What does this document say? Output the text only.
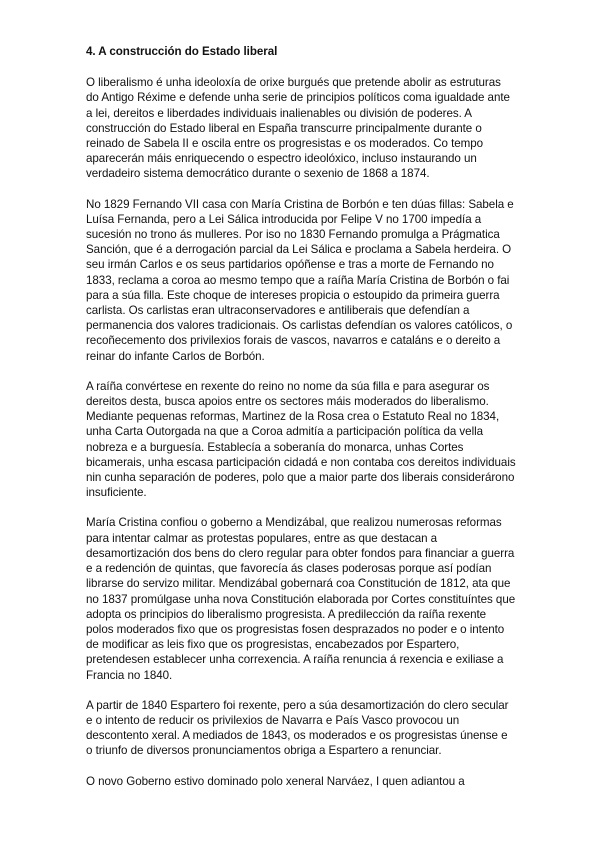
4. A construcción do Estado liberal

O liberalismo é unha ideoloxía de orixe burgués que pretende abolir as estruturas do Antigo Réxime e defende unha serie de principios políticos coma igualdade ante a lei, dereitos e liberdades individuais inalienables ou división de poderes. A construcción do Estado liberal en España transcurre principalmente durante o reinado de Sabela II e oscila entre os progresistas e os moderados. Co tempo aparecerán máis enriquecendo o espectro ideolóxico, incluso instaurando un verdadeiro sistema democrático durante o sexenio de 1868 a 1874.

No 1829 Fernando VII casa con María Cristina de Borbón e ten dúas fillas: Sabela e Luísa Fernanda, pero a Lei Sálica introducida por Felipe V no 1700 impedía a sucesión no trono ás mulleres. Por iso no 1830 Fernando promulga a Prágmatica Sanción, que é a derrogación parcial da Lei Sálica e proclama a Sabela herdeira. O seu irmán Carlos e os seus partidarios opóñense e tras a morte de Fernando no 1833, reclama a coroa ao mesmo tempo que a raíña María Cristina de Borbón o fai para a súa filla. Este choque de intereses propicia o estoupido da primeira guerra carlista. Os carlistas eran ultraconservadores e antiliberais que defendían a permanencia dos valores tradicionais. Os carlistas defendían os valores católicos, o recoñecemento dos privilexios forais de vascos, navarros e cataláns e o dereito a reinar do infante Carlos de Borbón.

A raíña convértese en rexente do reino no nome da súa filla e para asegurar os dereitos desta, busca apoios entre os sectores máis moderados do liberalismo. Mediante pequenas reformas, Martinez de la Rosa crea o Estatuto Real no 1834, unha Carta Outorgada na que a Coroa admitía a participación política da vella nobreza e a burguesía. Establecía a soberanía do monarca, unhas Cortes bicamerais, unha escasa participación cidadá e non contaba cos dereitos individuais nin cunha separación de poderes, polo que a maior parte dos liberais considerárono insuficiente.

María Cristina confiou o goberno a Mendizábal, que realizou numerosas reformas para intentar calmar as protestas populares, entre as que destacan a desamortización dos bens do clero regular para obter fondos para financiar a guerra e a redención de quintas, que favorecía ás clases poderosas porque así podían librarse do servizo militar. Mendizábal gobernará coa Constitución de 1812, ata que no 1837 promúlgase unha nova Constitución elaborada por Cortes constituíntes que adopta os principios do liberalismo progresista. A predilección da raíña rexente polos moderados fixo que os progresistas fosen desprazados no poder e o intento de modificar as leis fixo que os progresistas, encabezados por Espartero, pretendesen establecer unha correxencia. A raíña renuncia á rexencia e exiliase a Francia no 1840.

A partir de 1840 Espartero foi rexente, pero a súa desamortización do clero secular e o intento de reducir os privilexios de Navarra e País Vasco provocou un descontento xeral. A mediados de 1843, os moderados e os progresistas únense e o triunfo de diversos pronunciamentos obriga a Espartero a renunciar.

O novo Goberno estivo dominado polo xeneral Narváez, I quen adiantou a
